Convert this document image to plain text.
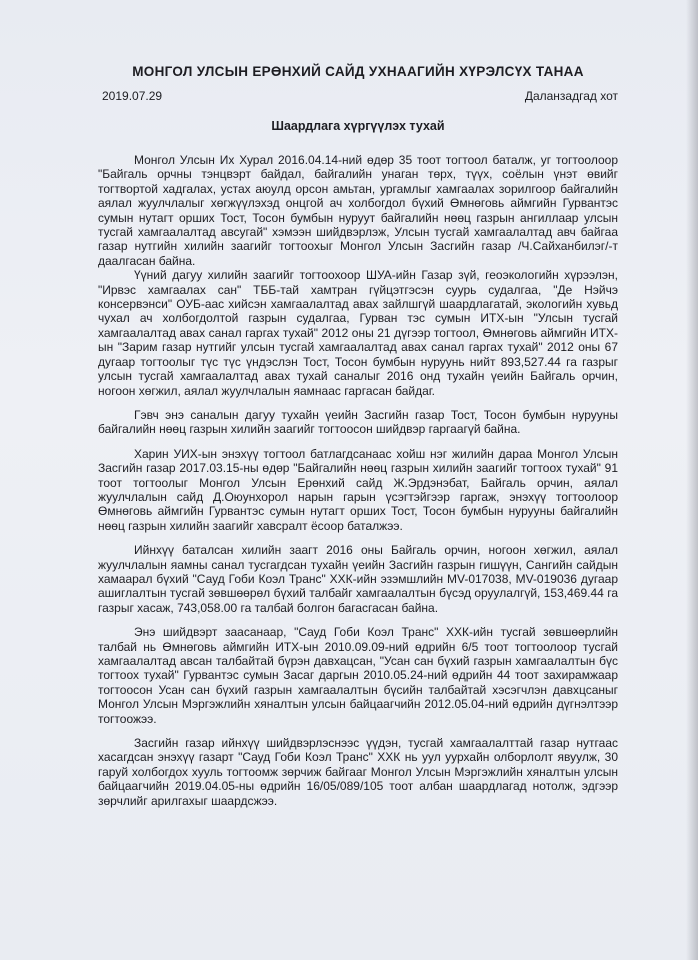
МОНГОЛ УЛСЫН ЕРӨНХИЙ САЙД УХНААГИЙН ХҮРЭЛСҮХ ТАНАА
2019.07.29	Даланзадгад хот
Шаардлага хүргүүлэх тухай

Монгол Улсын Их Хурал 2016.04.14-ний өдөр 35 тоот тогтоол баталж, уг тогтоолоор "Байгаль орчны тэнцвэрт байдал, байгалийн унаган төрх, түүх, соёлын үнэт өвийг тогтвортой хадгалах, устах аюулд орсон амьтан, ургамлыг хамгаалах зорилгоор байгалийн аялал жуулчлалыг хөгжүүлэхэд онцгой ач холбогдол бүхий Өмнөговь аймгийн Гурвантэс сумын нутагт орших Тост, Тосон бумбын нуруут байгалийн нөөц газрын ангиллаар улсын тусгай хамгаалалтад авсугай" хэмээн шийдвэрлэж, Улсын тусгай хамгаалалтад авч байгаа газар нутгийн хилийн заагийг тогтоохыг Монгол Улсын Засгийн газар /Ч.Сайханбилэг/-т даалгасан байна.

Үүний дагуу хилийн заагийг тогтоохоор ШУА-ийн Газар зүй, геоэкологийн хүрээлэн, "Ирвэс хамгаалах сан" ТББ-тай хамтран гүйцэтгэсэн суурь судалгаа, "Де Нэйчэ консервэнси" ОУБ-аас хийсэн хамгаалалтад авах зайлшгүй шаардлагатай, экологийн хувьд чухал ач холбогдолтой газрын судалгаа, Гурван тэс сумын ИТХ-ын "Улсын тусгай хамгаалалтад авах санал гаргах тухай" 2012 оны 21 дүгээр тогтоол, Өмнөговь аймгийн ИТХ-ын "Зарим газар нутгийг улсын тусгай хамгаалалтад авах санал гаргах тухай" 2012 оны 67 дугаар тогтоолыг түс түс үндэслэн Тост, Тосон бумбын нуруунь нийт 893,527.44 га газрыг улсын тусгай хамгаалалтад авах тухай саналыг 2016 онд тухайн үеийн Байгаль орчин, ногоон хөгжил, аялал жуулчлалын яамнаас гаргасан байдаг.

Гэвч энэ саналын дагуу тухайн үеийн Засгийн газар Тост, Тосон бумбын нурууны байгалийн нөөц газрын хилийн заагийг тогтоосон шийдвэр гаргаагүй байна.

Харин УИХ-ын энэхүү тогтоол батлагдсанаас хойш нэг жилийн дараа Монгол Улсын Засгийн газар 2017.03.15-ны өдөр "Байгалийн нөөц газрын хилийн заагийг тогтоох тухай" 91 тоот тогтоолыг Монгол Улсын Ерөнхий сайд Ж.Эрдэнэбат, Байгаль орчин, аялал жуулчлалын сайд Д.Оюунхорол нарын гарын үсэгтэйгээр гаргаж, энэхүү тогтоолоор Өмнөговь аймгийн Гурвантэс сумын нутагт орших Тост, Тосон бумбын нурууны байгалийн нөөц газрын хилийн заагийг хавсралт ёсоор баталжээ.

Ийнхүү баталсан хилийн заагт 2016 оны Байгаль орчин, ногоон хөгжил, аялал жуулчлалын яамны санал тусгагдсан тухайн үеийн Засгийн газрын гишүүн, Сангийн сайдын хамаарал бүхий "Сауд Гоби Коэл Транс" ХХК-ийн эзэмшлийн MV-017038, MV-019036 дугаар ашиглалтын тусгай зөвшөөрөл бүхий талбайг хамгаалалтын бүсэд оруулалгүй, 153,469.44 га газрыг хасаж, 743,058.00 га талбай болгон багасгасан байна.

Энэ шийдвэрт заасанаар, "Сауд Гоби Коэл Транс" ХХК-ийн тусгай зөвшөөрлийн талбай нь Өмнөговь аймгийн ИТХ-ын 2010.09.09-ний өдрийн 6/5 тоот тогтоолоор тусгай хамгаалалтад авсан талбайтай бүрэн давхацсан, "Усан сан бүхий газрын хамгаалалтын бүс тогтоох тухай" Гурвантэс сумын Засаг даргын 2010.05.24-ний өдрийн 44 тоот захирамжаар тогтоосон Усан сан бүхий газрын хамгаалалтын бүсийн талбайтай хэсэгчлэн давхцсаныг Монгол Улсын Мэргэжлийн хяналтын улсын байцаагчийн 2012.05.04-ний өдрийн дүгнэлтээр тогтоожээ.

Засгийн газар ийнхүү шийдвэрлэснээс үүдэн, тусгай хамгаалалттай газар нутгаас хасагдсан энэхүү газарт "Сауд Гоби Коэл Транс" ХХК нь уул уурхайн олборлолт явуулж, 30 гаруй холбогдох хууль тогтоомж зөрчиж байгааг Монгол Улсын Мэргэжлийн хяналтын улсын байцаагчийн 2019.04.05-ны өдрийн 16/05/089/105 тоот албан шаардлагад нотолж, эдгээр зөрчлийг арилгахыг шаардсжээ.
